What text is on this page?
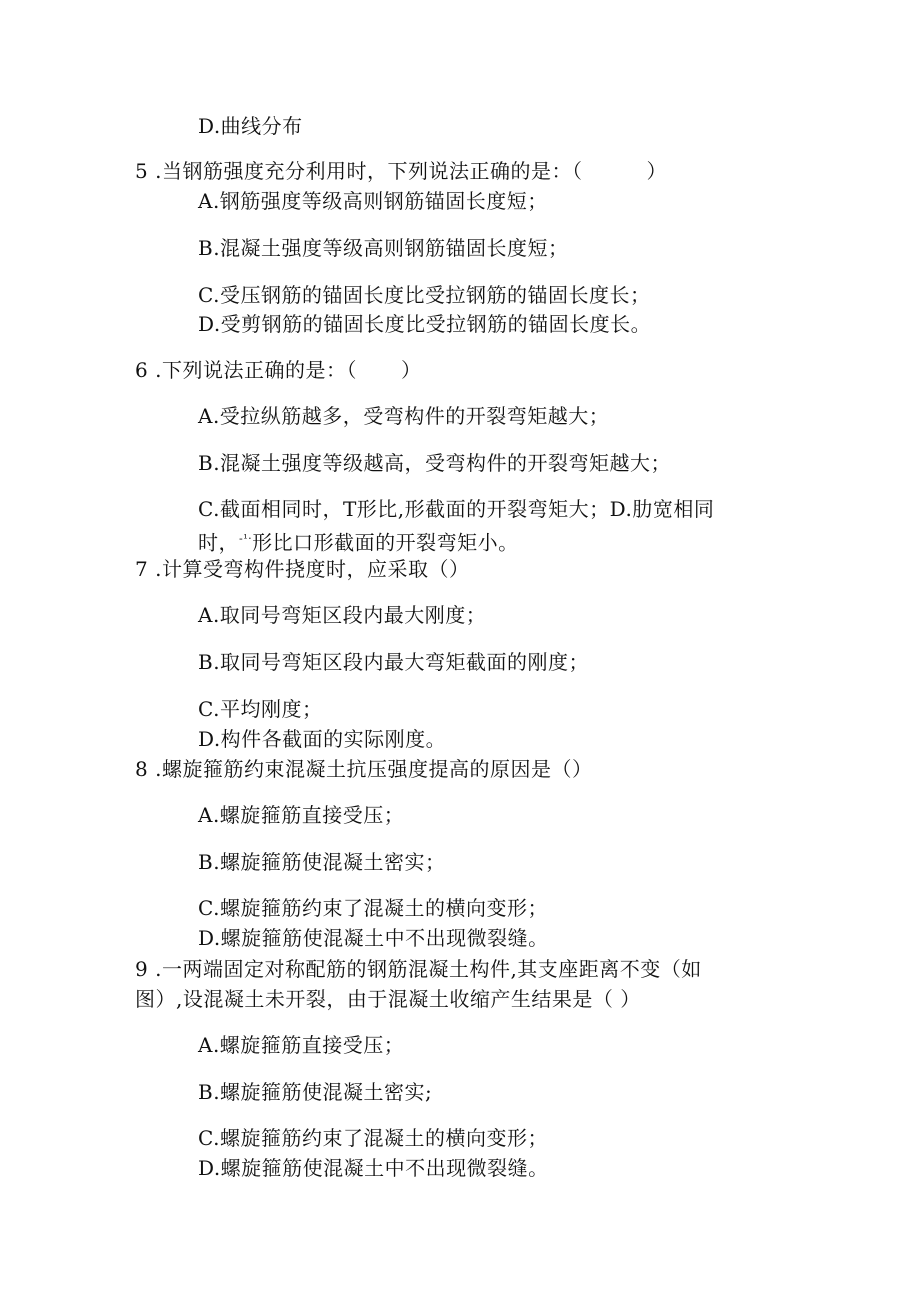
D.曲线分布
5 .当钢筋强度充分利用时，下列说法正确的是：（	）
A.钢筋强度等级高则钢筋锚固长度短；
B.混凝土强度等级高则钢筋锚固长度短；
C.受压钢筋的锚固长度比受拉钢筋的锚固长度长；
D.受剪钢筋的锚固长度比受拉钢筋的锚固长度长。
6 .下列说法正确的是：（ ）
A.受拉纵筋越多，受弯构件的开裂弯矩越大；
B.混凝土强度等级越高，受弯构件的开裂弯矩越大；
C.截面相同时，T形比,形截面的开裂弯矩大；D.肋宽相同
时，$^{-^1\cdot}$形比口形截面的开裂弯矩小。
7 .计算受弯构件挠度时，应采取（）
A.取同号弯矩区段内最大刚度；
B.取同号弯矩区段内最大弯矩截面的刚度；
C.平均刚度；
D.构件各截面的实际刚度。
8 .螺旋箍筋约束混凝土抗压强度提高的原因是（）
A.螺旋箍筋直接受压；
B.螺旋箍筋使混凝土密实；
C.螺旋箍筋约束了混凝土的横向变形；
D.螺旋箍筋使混凝土中不出现微裂缝。
9 .一两端固定对称配筋的钢筋混凝土构件,其支座距离不变（如
图）,设混凝土未开裂，由于混凝土收缩产生结果是（ ）
A.螺旋箍筋直接受压；
B.螺旋箍筋使混凝土密实;
C.螺旋箍筋约束了混凝土的横向变形；
D.螺旋箍筋使混凝土中不出现微裂缝。
